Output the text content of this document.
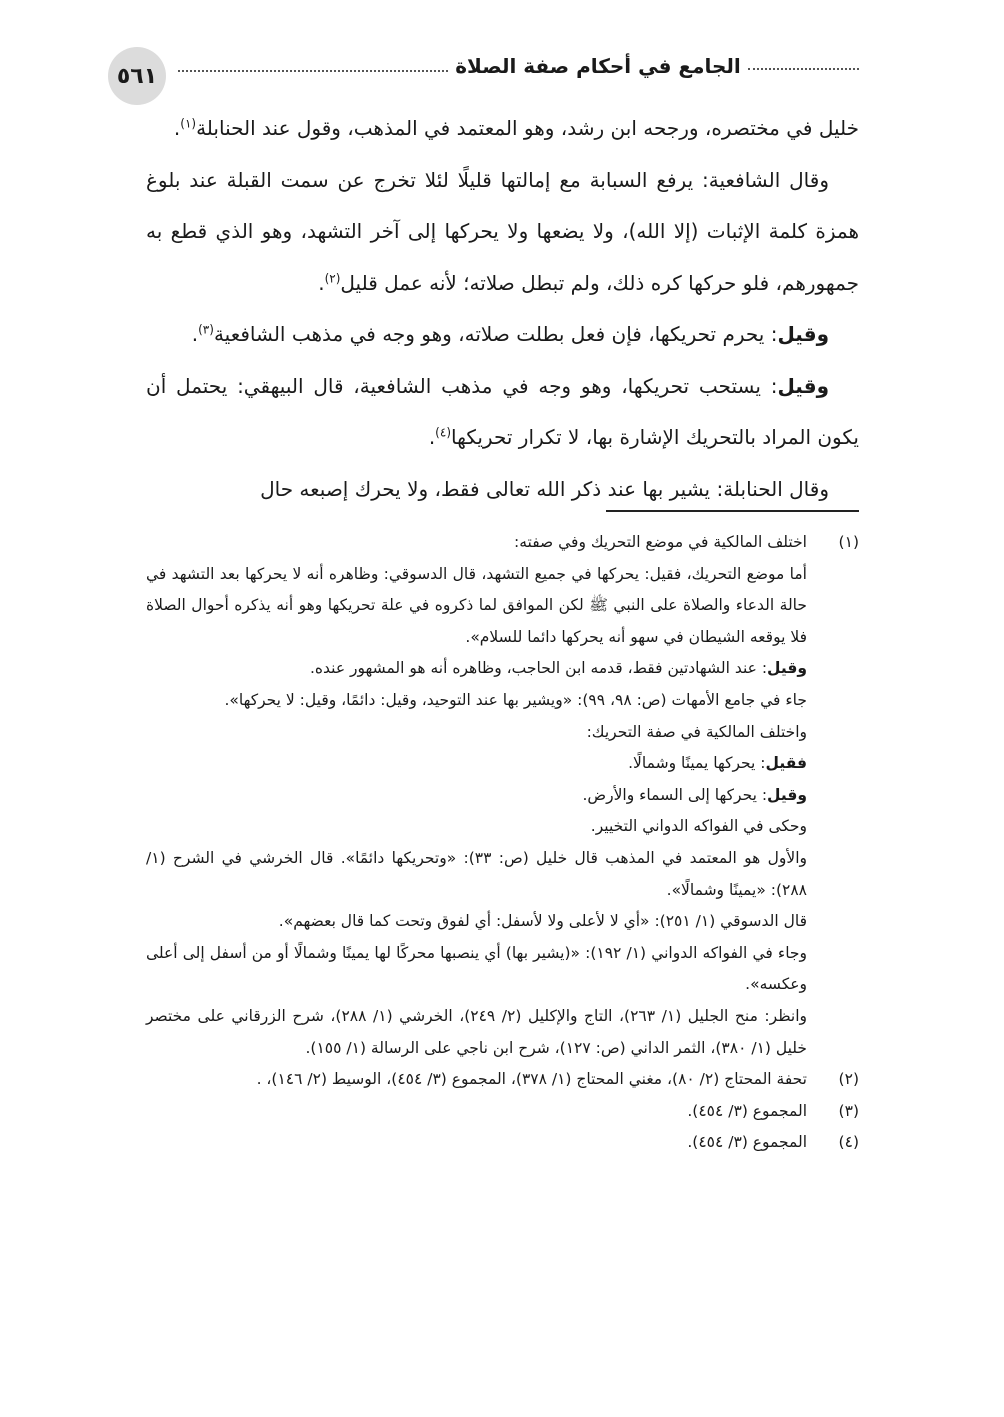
٥٦١	الجامع في أحكام صفة الصلاة

خليل في مختصره، ورجحه ابن رشد، وهو المعتمد في المذهب، وقول عند الحنابلة$^{(١)}$.

وقال الشافعية: يرفع السبابة مع إمالتها قليلًا لئلا تخرج عن سمت القبلة عند بلوغ همزة كلمة الإثبات (إلا الله)، ولا يضعها ولا يحركها إلى آخر التشهد، وهو الذي قطع به جمهورهم، فلو حركها كره ذلك، ولم تبطل صلاته؛ لأنه عمل قليل$^{(٢)}$.

وقيل: يحرم تحريكها، فإن فعل بطلت صلاته، وهو وجه في مذهب الشافعية$^{(٣)}$.

وقيل: يستحب تحريكها، وهو وجه في مذهب الشافعية، قال البيهقي: يحتمل أن يكون المراد بالتحريك الإشارة بها، لا تكرار تحريكها$^{(٤)}$.

وقال الحنابلة: يشير بها عند ذكر الله تعالى فقط، ولا يحرك إصبعه حال

(١)

اختلف المالكية في موضع التحريك وفي صفته:

أما موضع التحريك، فقيل: يحركها في جميع التشهد، قال الدسوقي: وظاهره أنه لا يحركها بعد التشهد في حالة الدعاء والصلاة على النبي ﷺ لكن الموافق لما ذكروه في علة تحريكها وهو أنه يذكره أحوال الصلاة فلا يوقعه الشيطان في سهو أنه يحركها دائما للسلام».

وقيل: عند الشهادتين فقط، قدمه ابن الحاجب، وظاهره أنه هو المشهور عنده.

جاء في جامع الأمهات (ص: ٩٨، ٩٩): «ويشير بها عند التوحيد، وقيل: دائمًا، وقيل: لا يحركها».

واختلف المالكية في صفة التحريك:

فقيل: يحركها يمينًا وشمالًا.

وقيل: يحركها إلى السماء والأرض.

وحكى في الفواكه الدواني التخيير.

والأول هو المعتمد في المذهب قال خليل (ص: ٣٣): «وتحريكها دائمًا». قال الخرشي في الشرح (١/ ٢٨٨): «يمينًا وشمالًا».

قال الدسوقي (١/ ٢٥١): «أي لا لأعلى ولا لأسفل: أي لفوق وتحت كما قال بعضهم».

وجاء في الفواكه الدواني (١/ ١٩٢): «(يشير بها) أي ينصبها محركًا لها يمينًا وشمالًا أو من أسفل إلى أعلى وعكسه».

وانظر: منح الجليل (١/ ٢٦٣)، التاج والإكليل (٢/ ٢٤٩)، الخرشي (١/ ٢٨٨)، شرح الزرقاني على مختصر خليل (١/ ٣٨٠)، الثمر الداني (ص: ١٢٧)، شرح ابن ناجي على الرسالة (١/ ١٥٥).

(٢)
تحفة المحتاج (٢/ ٨٠)، مغني المحتاج (١/ ٣٧٨)، المجموع (٣/ ٤٥٤)، الوسيط (٢/ ١٤٦)، .
(٣)
المجموع (٣/ ٤٥٤).
(٤)
المجموع (٣/ ٤٥٤).
